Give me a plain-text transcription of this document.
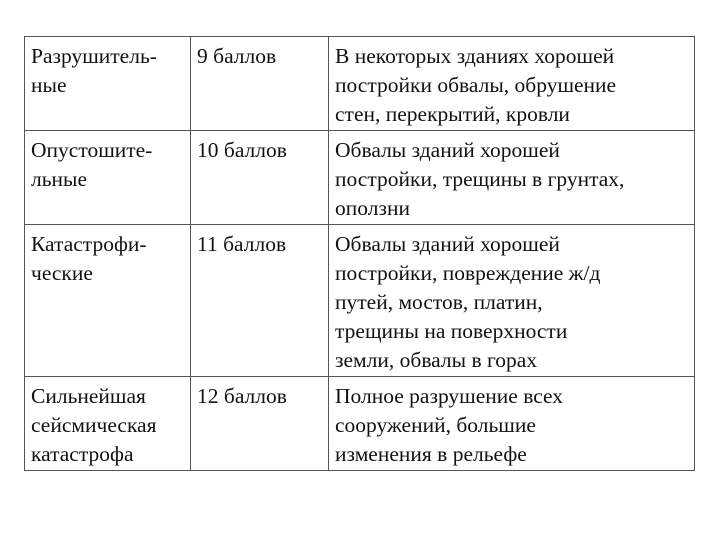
Разрушитель-
ные	9 баллов	В некоторых зданиях хорошей
постройки обвалы, обрушение
стен, перекрытий, кровли

Опустошите-
льные	10 баллов	Обвалы зданий хорошей
постройки, трещины в грунтах,
оползни

Катастрофи-
ческие	11 баллов	Обвалы зданий хорошей
постройки, повреждение ж/д
путей, мостов, платин,
трещины на поверхности
земли, обвалы в горах

Сильнейшая
сейсмическая
катастрофа	12 баллов	Полное разрушение всех
сооружений, большие
изменения в рельефе
